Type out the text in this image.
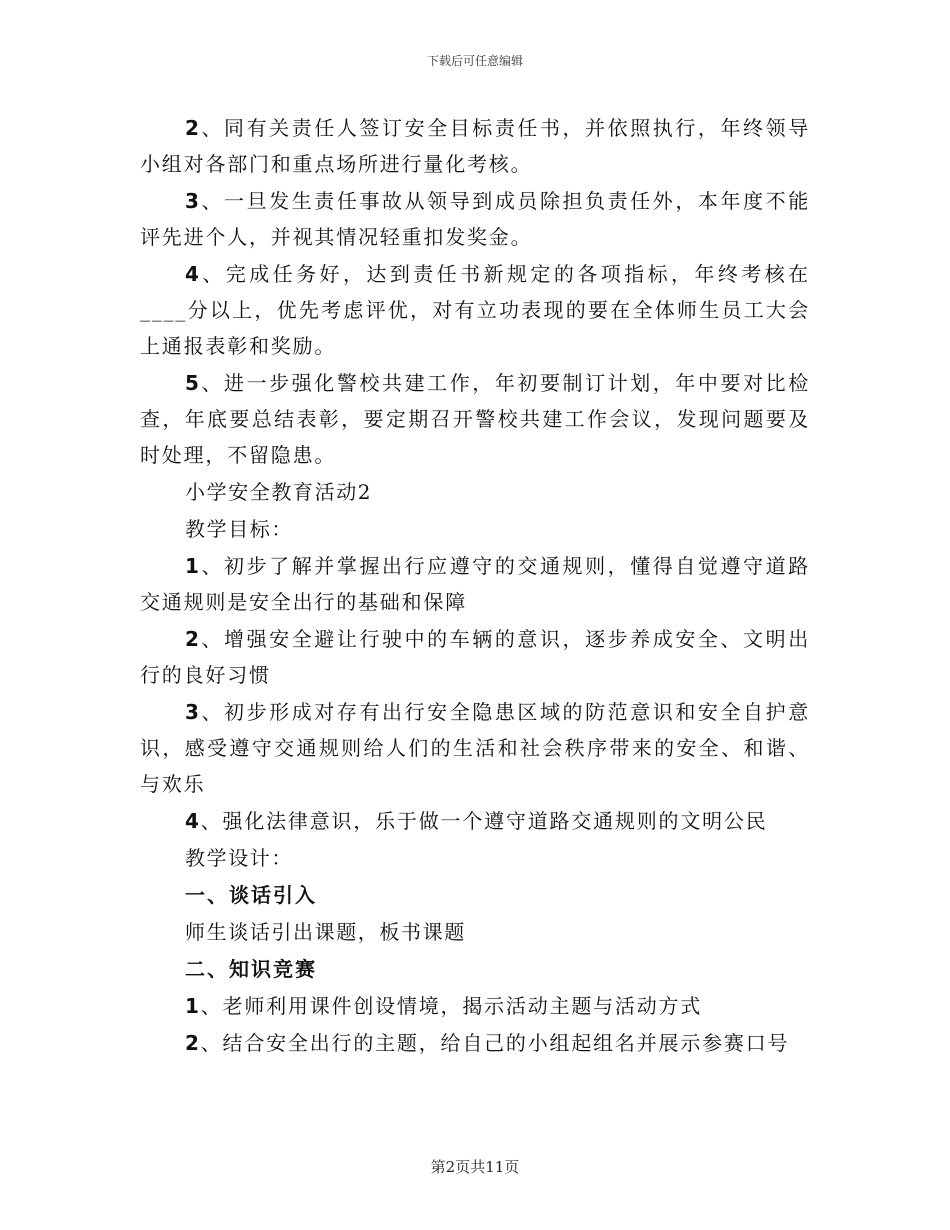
下载后可任意编辑

2、同有关责任人签订安全目标责任书，并依照执行，年终领导小组对各部门和重点场所进行量化考核。

3、一旦发生责任事故从领导到成员除担负责任外，本年度不能评先进个人，并视其情况轻重扣发奖金。

4、完成任务好，达到责任书新规定的各项指标，年终考核在____分以上，优先考虑评优，对有立功表现的要在全体师生员工大会上通报表彰和奖励。

5、进一步强化警校共建工作，年初要制订计划，年中要对比检查，年底要总结表彰，要定期召开警校共建工作会议，发现问题要及时处理，不留隐患。

小学安全教育活动2

教学目标：

1、初步了解并掌握出行应遵守的交通规则，懂得自觉遵守道路交通规则是安全出行的基础和保障

2、增强安全避让行驶中的车辆的意识，逐步养成安全、文明出行的良好习惯

3、初步形成对存有出行安全隐患区域的防范意识和安全自护意识，感受遵守交通规则给人们的生活和社会秩序带来的安全、和谐、与欢乐

4、强化法律意识，乐于做一个遵守道路交通规则的文明公民

教学设计：

一、谈话引入

师生谈话引出课题，板书课题

二、知识竞赛

1、老师利用课件创设情境，揭示活动主题与活动方式

2、结合安全出行的主题，给自己的小组起组名并展示参赛口号

第2页共11页
